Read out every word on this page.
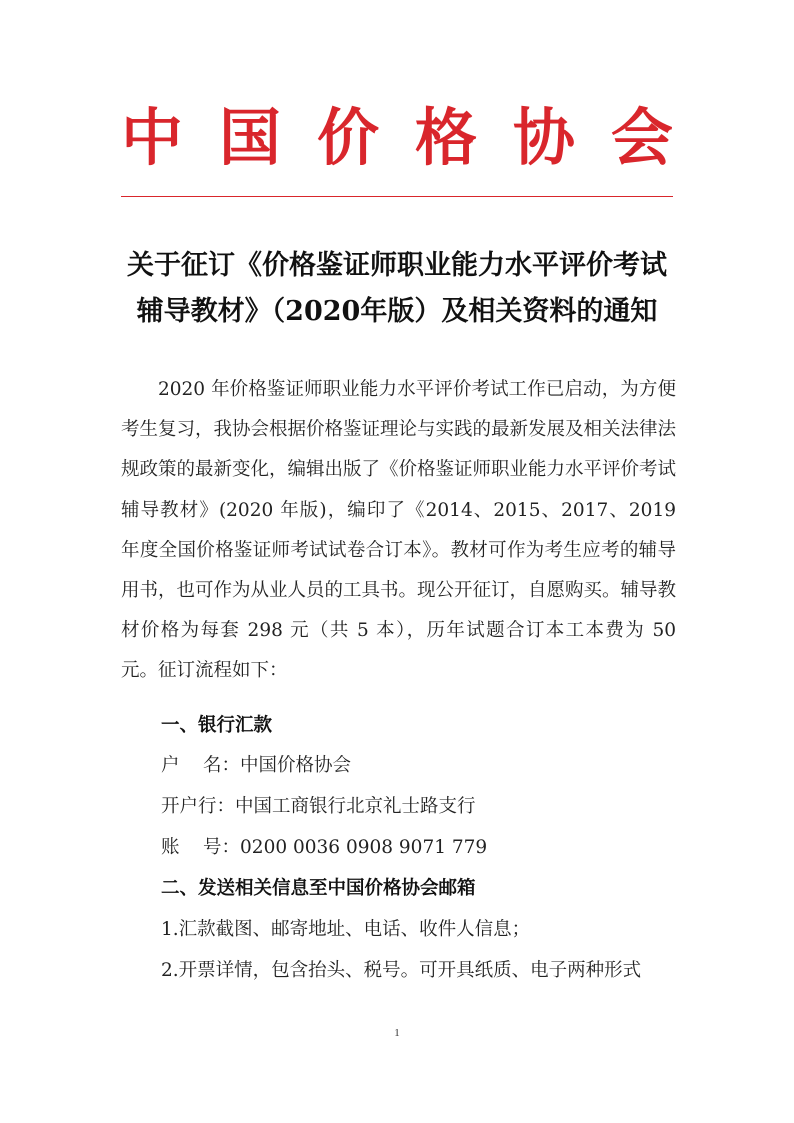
中 国 价 格 协 会
关于征订《价格鉴证师职业能力水平评价考试
辅导教材》（2020年版）及相关资料的通知
2020 年价格鉴证师职业能力水平评价考试工作已启动，为方便考生复习，我协会根据价格鉴证理论与实践的最新发展及相关法律法规政策的最新变化，编辑出版了《价格鉴证师职业能力水平评价考试辅导教材》(2020 年版)，编印了《2014、2015、2017、2019 年度全国价格鉴证师考试试卷合订本》。教材可作为考生应考的辅导用书，也可作为从业人员的工具书。现公开征订，自愿购买。辅导教材价格为每套 298 元（共 5 本），历年试题合订本工本费为 50 元。征订流程如下：
一、银行汇款
户    名：中国价格协会
开户行：中国工商银行北京礼士路支行
账    号：0200 0036 0908 9071 779
二、发送相关信息至中国价格协会邮箱
1.汇款截图、邮寄地址、电话、收件人信息；
2.开票详情，包含抬头、税号。可开具纸质、电子两种形式
1
